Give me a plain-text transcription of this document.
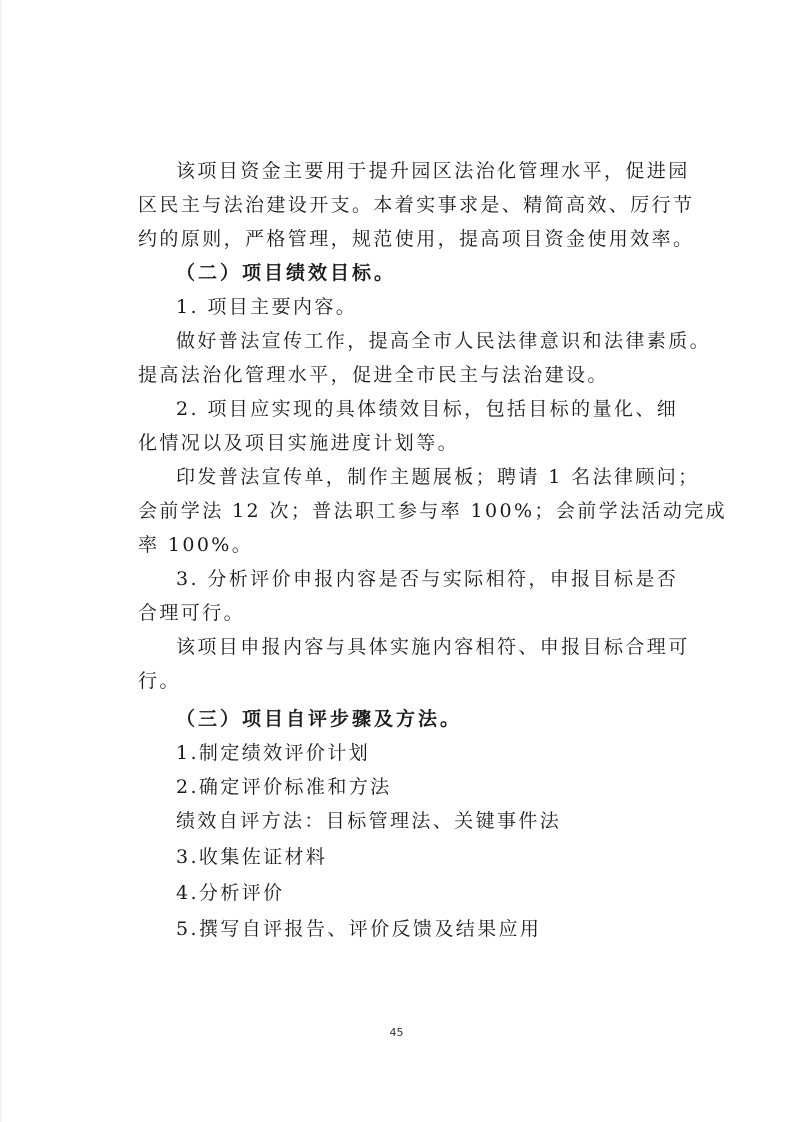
该项目资金主要用于提升园区法治化管理水平，促进园

区民主与法治建设开支。本着实事求是、精简高效、厉行节

约的原则，严格管理，规范使用，提高项目资金使用效率。

（二）项目绩效目标。

1. 项目主要内容。

做好普法宣传工作，提高全市人民法律意识和法律素质。

提高法治化管理水平，促进全市民主与法治建设。

2. 项目应实现的具体绩效目标，包括目标的量化、细

化情况以及项目实施进度计划等。

印发普法宣传单，制作主题展板；聘请 1 名法律顾问；

会前学法 12 次；普法职工参与率 100%；会前学法活动完成

率 100%。

3. 分析评价申报内容是否与实际相符，申报目标是否

合理可行。

该项目申报内容与具体实施内容相符、申报目标合理可

行。

（三）项目自评步骤及方法。

1.制定绩效评价计划

2.确定评价标准和方法

绩效自评方法：目标管理法、关键事件法

3.收集佐证材料

4.分析评价

5.撰写自评报告、评价反馈及结果应用

45
